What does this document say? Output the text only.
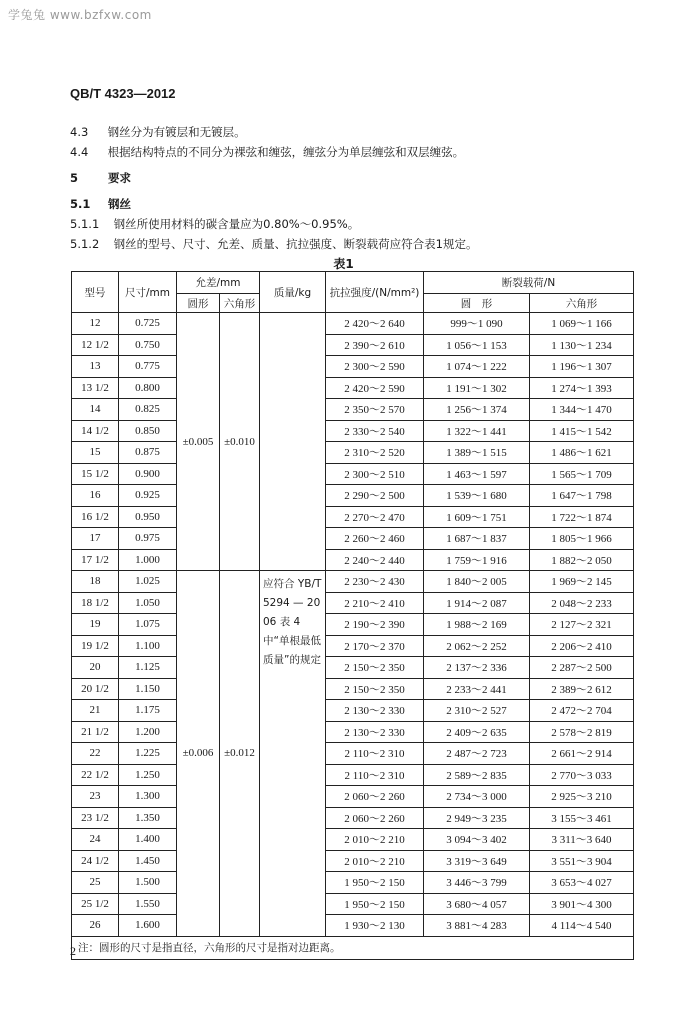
学兔兔 www.bzfxw.com
QB/T 4323—2012
4.3 钢丝分为有镀层和无镀层。
4.4 根据结构特点的不同分为裸弦和缠弦，缠弦分为单层缠弦和双层缠弦。
5	要求
5.1 钢丝
5.1.1 钢丝所使用材料的碳含量应为0.80%～0.95%。
5.1.2 钢丝的型号、尺寸、允差、质量、抗拉强度、断裂载荷应符合表1规定。
表1
型号	尺寸/mm	允差/mm		质量/kg	抗拉强度/(N/mm²)	断裂载荷/N	
		圆形	六角形			圆　形	六角形
12	0.725	±0.005	±0.010		2 420～2 640	999～1 090	1 069～1 166
12 1/2	0.750				2 390～2 610	1 056～1 153	1 130～1 234
13	0.775				2 300～2 590	1 074～1 222	1 196～1 307
13 1/2	0.800				2 420～2 590	1 191～1 302	1 274～1 393
14	0.825				2 350～2 570	1 256～1 374	1 344～1 470
14 1/2	0.850				2 330～2 540	1 322～1 441	1 415～1 542
15	0.875				2 310～2 520	1 389～1 515	1 486～1 621
15 1/2	0.900				2 300～2 510	1 463～1 597	1 565～1 709
16	0.925				2 290～2 500	1 539～1 680	1 647～1 798
16 1/2	0.950				2 270～2 470	1 609～1 751	1 722～1 874
17	0.975				2 260～2 460	1 687～1 837	1 805～1 966
17 1/2	1.000				2 240～2 440	1 759～1 916	1 882～2 050
18	1.025	±0.006	±0.012	应符合 YB/T 5294 — 2006 表 4 中“单根最低质量”的规定	2 230～2 430	1 840～2 005	1 969～2 145
18 1/2	1.050				2 210～2 410	1 914～2 087	2 048～2 233
19	1.075				2 190～2 390	1 988～2 169	2 127～2 321
19 1/2	1.100				2 170～2 370	2 062～2 252	2 206～2 410
20	1.125				2 150～2 350	2 137～2 336	2 287～2 500
20 1/2	1.150				2 150～2 350	2 233～2 441	2 389～2 612
21	1.175				2 130～2 330	2 310～2 527	2 472～2 704
21 1/2	1.200				2 130～2 330	2 409～2 635	2 578～2 819
22	1.225				2 110～2 310	2 487～2 723	2 661～2 914
22 1/2	1.250				2 110～2 310	2 589～2 835	2 770～3 033
23	1.300				2 060～2 260	2 734～3 000	2 925～3 210
23 1/2	1.350				2 060～2 260	2 949～3 235	3 155～3 461
24	1.400				2 010～2 210	3 094～3 402	3 311～3 640
24 1/2	1.450				2 010～2 210	3 319～3 649	3 551～3 904
25	1.500				1 950～2 150	3 446～3 799	3 653～4 027
25 1/2	1.550				1 950～2 150	3 680～4 057	3 901～4 300
26	1.600				1 930～2 130	3 881～4 283	4 114～4 540
注：圆形的尺寸是指直径，六角形的尺寸是指对边距离。							
2
